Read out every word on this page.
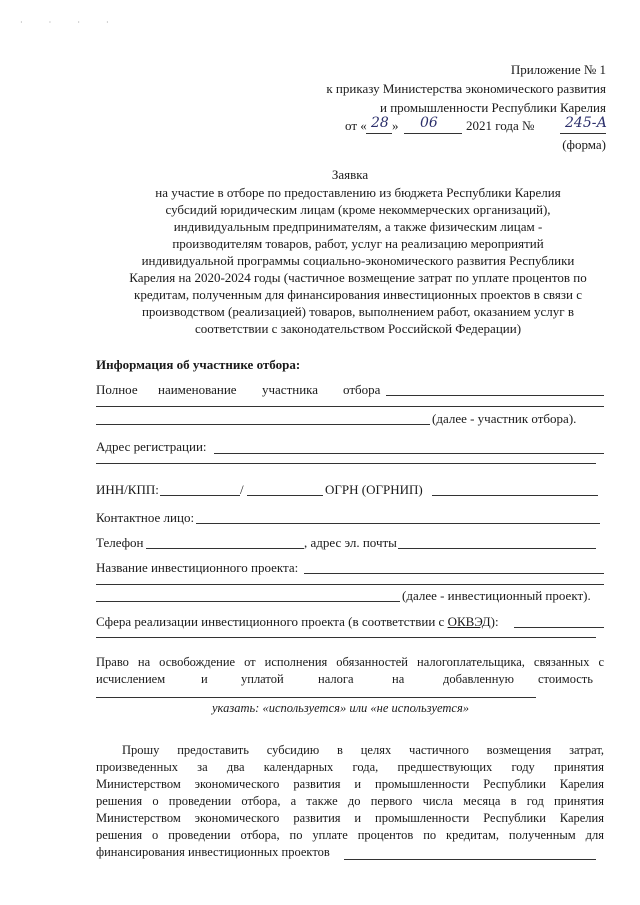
· · · ·
Приложение № 1
к приказу Министерства экономического развития
и промышленности Республики Карелия
от « 28 » 06 2021 года № 245-А
(форма)
Заявка
на участие в отборе по предоставлению из бюджета Республики Карелия
субсидий юридическим лицам (кроме некоммерческих организаций),
индивидуальным предпринимателям, а также физическим лицам -
производителям товаров, работ, услуг на реализацию мероприятий
индивидуальной программы социально-экономического развития Республики
Карелия на 2020-2024 годы (частичное возмещение затрат по уплате процентов по
кредитам, полученным для финансирования инвестиционных проектов в связи с
производством (реализацией) товаров, выполнением работ, оказанием услуг в
соответствии с законодательством Российской Федерации)
Информация об участнике отбора:
Полное наименование участника отбора
(далее - участник отбора).
Адрес регистрации:
ИНН/КПП:	/	ОГРН (ОГРНИП)
Контактное лицо:
Телефон	, адрес эл. почты
Название инвестиционного проекта:
(далее - инвестиционный проект).
Сфера реализации инвестиционного проекта (в соответствии с ОКВЭД):
Право на освобождение от исполнения обязанностей налогоплательщика, связанных с
исчислением	и	уплатой	налога	на	добавленную стоимость
указать: «используется» или «не используется»
Прошу предоставить субсидию в целях частичного возмещения затрат,
произведенных за два календарных года, предшествующих году принятия
Министерством экономического развития и промышленности Республики Карелия
решения о проведении отбора, а также до первого числа месяца в год принятия
Министерством экономического развития и промышленности Республики Карелия
решения о проведении отбора, по уплате процентов по кредитам, полученным для
финансирования инвестиционных проектов
